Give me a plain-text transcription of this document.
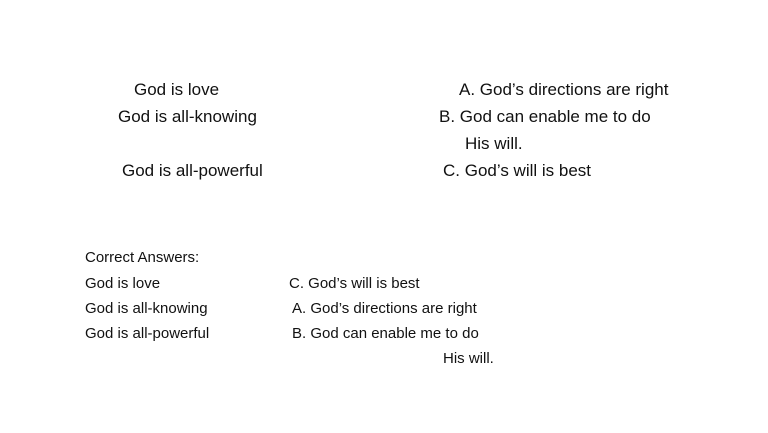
God is love
God is all-knowing
God is all-powerful
A. God’s directions are right
B. God can enable me to do
His will.
C. God’s will is best
Correct Answers:
God is love
God is all-knowing
God is all-powerful
C. God’s will is best
A. God’s directions are right
B. God can enable me to do
His will.
